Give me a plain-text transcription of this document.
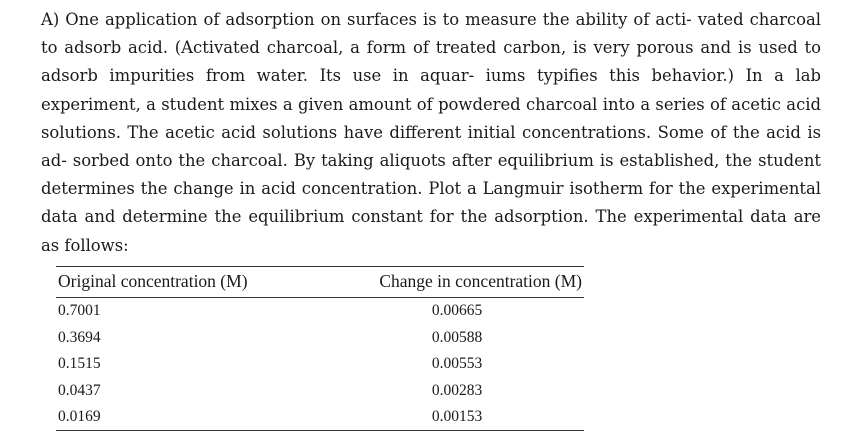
A) One application of adsorption on surfaces is to measure the ability of acti- vated charcoal to adsorb acid. (Activated charcoal, a form of treated carbon, is very porous and is used to adsorb impurities from water. Its use in aquar- iums typifies this behavior.) In a lab experiment, a student mixes a given amount of powdered charcoal into a series of acetic acid solutions. The acetic acid solutions have different initial concentrations. Some of the acid is ad- sorbed onto the charcoal. By taking aliquots after equilibrium is established, the student determines the change in acid concentration. Plot a Langmuir isotherm for the experimental data and determine the equilibrium constant for the adsorption. The experimental data are as follows:

Original concentration (M)	Change in concentration (M)
0.7001	0.00665
0.3694	0.00588
0.1515	0.00553
0.0437	0.00283
0.0169	0.00153
